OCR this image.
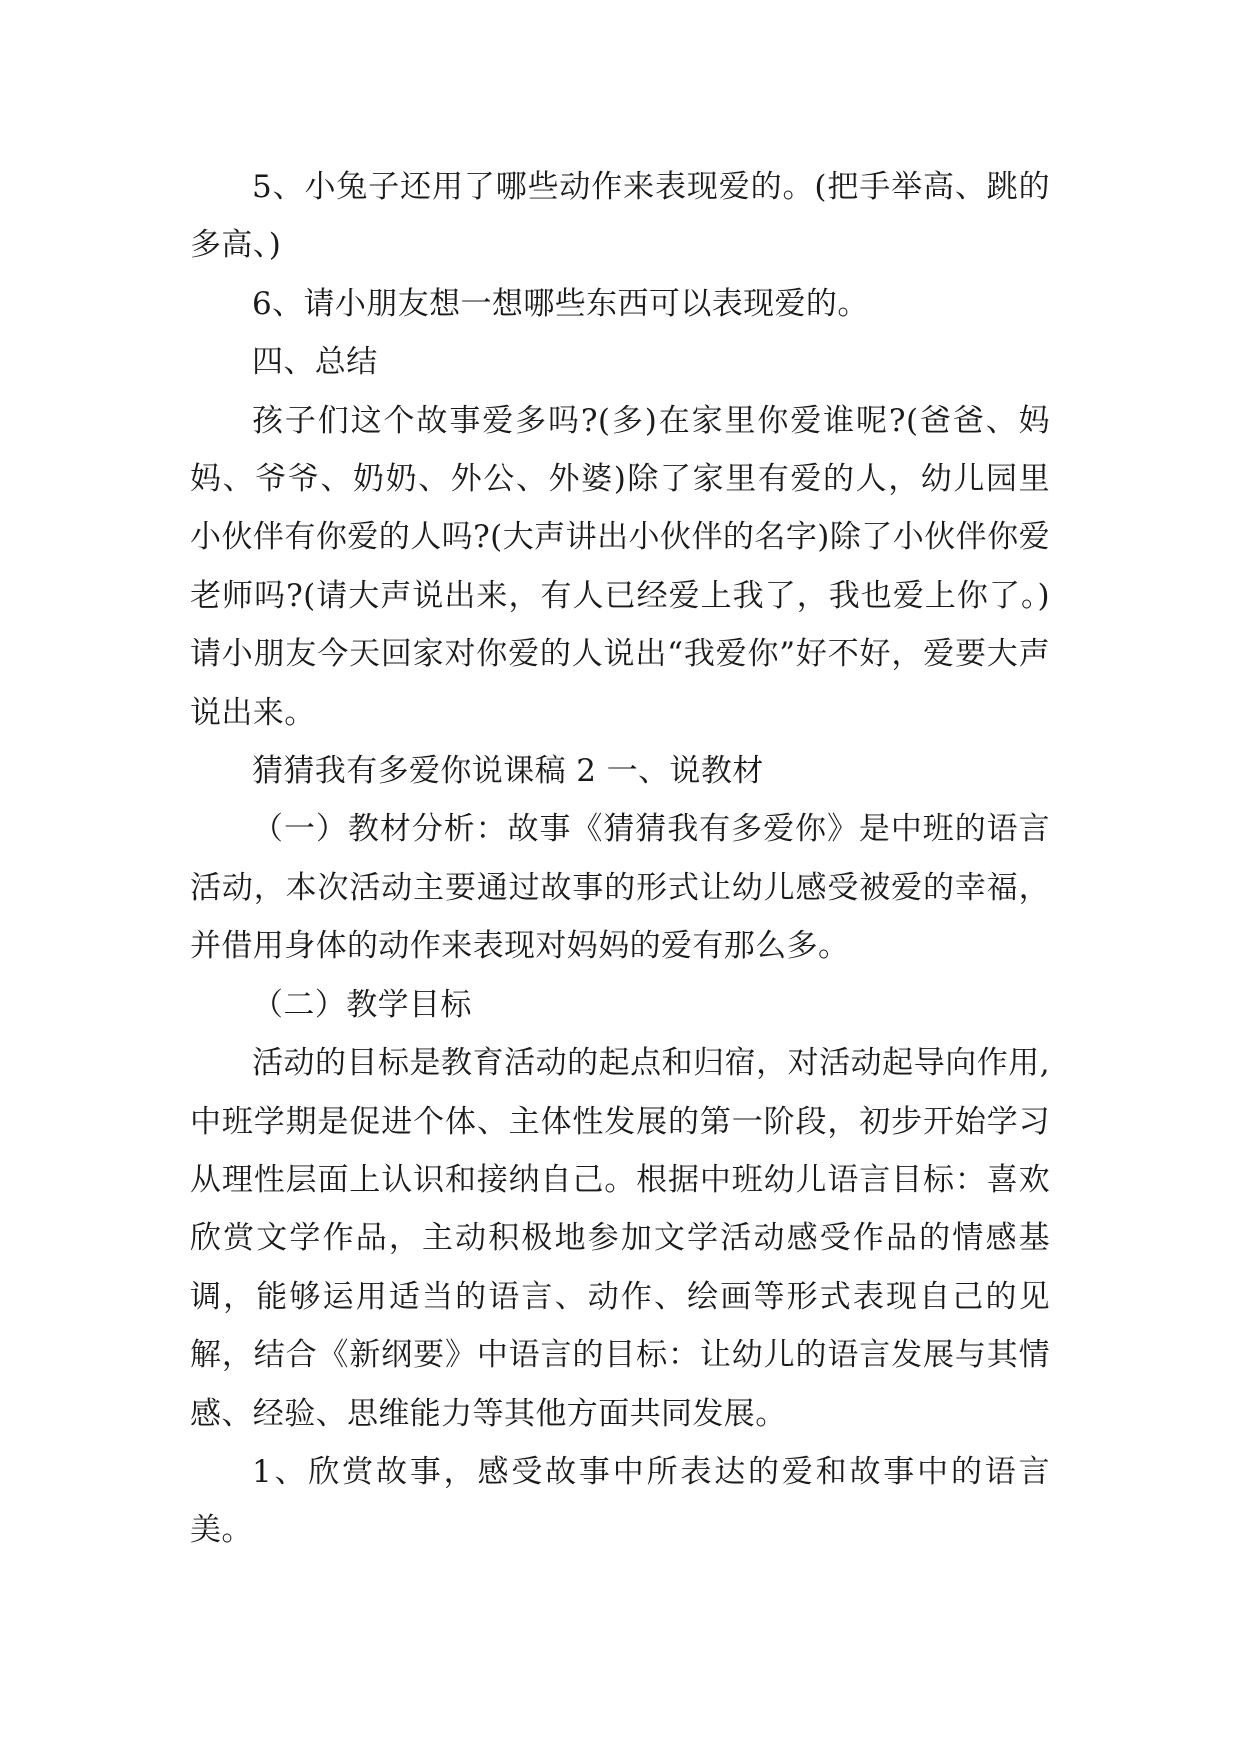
5、小兔子还用了哪些动作来表现爱的。(把手举高、跳的多高、)

6、请小朋友想一想哪些东西可以表现爱的。

四、总结

孩子们这个故事爱多吗?(多)在家里你爱谁呢?(爸爸、妈妈、爷爷、奶奶、外公、外婆)除了家里有爱的人，幼儿园里小伙伴有你爱的人吗?(大声讲出小伙伴的名字)除了小伙伴你爱老师吗?(请大声说出来，有人已经爱上我了，我也爱上你了。)请小朋友今天回家对你爱的人说出“我爱你”好不好，爱要大声说出来。

猜猜我有多爱你说课稿 2 一、说教材

（一）教材分析：故事《猜猜我有多爱你》是中班的语言活动，本次活动主要通过故事的形式让幼儿感受被爱的幸福，并借用身体的动作来表现对妈妈的爱有那么多。

（二）教学目标

活动的目标是教育活动的起点和归宿，对活动起导向作用,中班学期是促进个体、主体性发展的第一阶段，初步开始学习从理性层面上认识和接纳自己。根据中班幼儿语言目标：喜欢欣赏文学作品，主动积极地参加文学活动感受作品的情感基调，能够运用适当的语言、动作、绘画等形式表现自己的见解，结合《新纲要》中语言的目标：让幼儿的语言发展与其情感、经验、思维能力等其他方面共同发展。

1、欣赏故事，感受故事中所表达的爱和故事中的语言美。
